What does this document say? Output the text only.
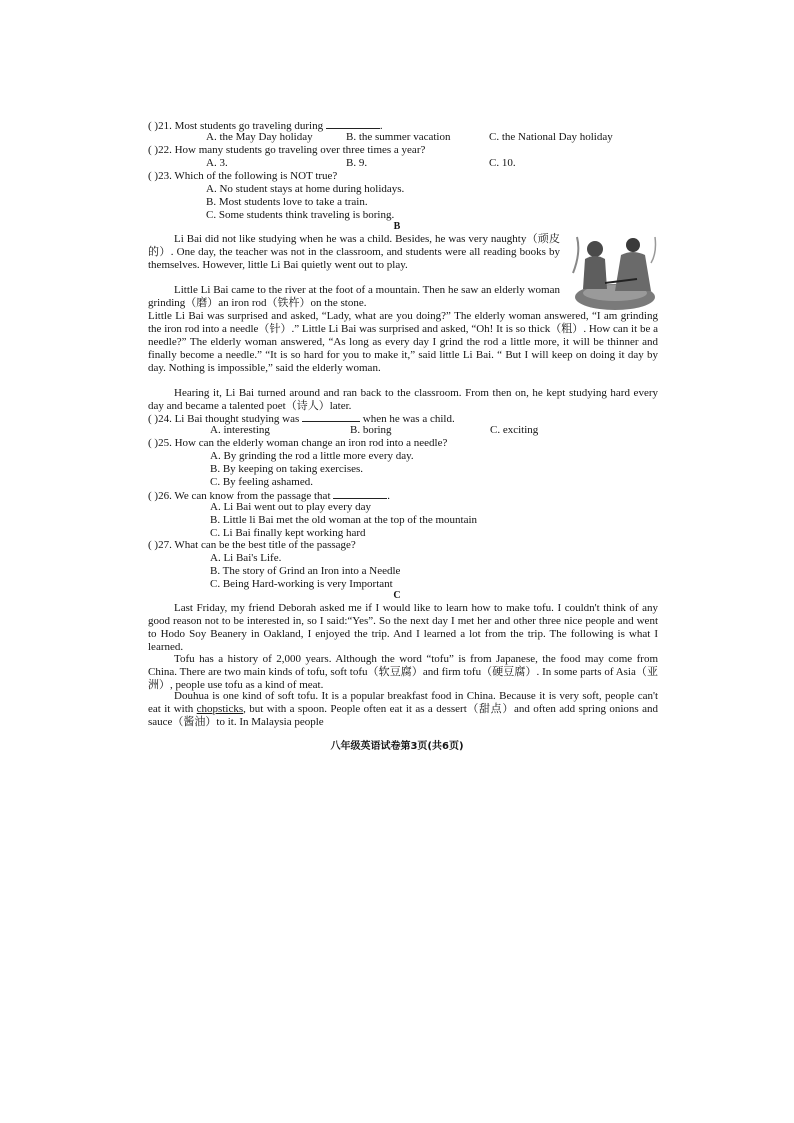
( )21. Most students go traveling during	.
A. the May Day holiday	B. the summer vacation	C. the National Day holiday
( )22. How many students go traveling over three times a year?
A. 3.	B. 9.	C. 10.
( )23. Which of the following is NOT true?
A. No student stays at home during holidays.
B. Most students love to take a train.
C. Some students think traveling is boring.
B

Li Bai did not like studying when he was a child. Besides, he was very naughty（顽皮的）. One day, the teacher was not in the classroom, and students were all reading books by themselves. However, little Li Bai quietly went out to play.

Little Li Bai came to the river at the foot of a mountain. Then he saw an elderly woman grinding（磨）an iron rod（铁杵）on the stone.

Little Li Bai was surprised and asked, “Lady, what are you doing?” The elderly woman answered, “I am grinding the iron rod into a needle（针）.” Little Li Bai was surprised and asked, “Oh! It is so thick（粗）. How can it be a needle?” The elderly woman answered, “As long as every day I grind the rod a little more, it will be thinner and finally become a needle.” “It is so hard for you to make it,” said little Li Bai. “ But I will keep on doing it day by day. Nothing is impossible,” said the elderly woman.

Hearing it, Li Bai turned around and ran back to the classroom. From then on, he kept studying hard every day and became a talented poet（诗人）later.

( )24. Li Bai thought studying was	when he was a child.
A. interesting	B. boring	C. exciting
( )25. How can the elderly woman change an iron rod into a needle?
A. By grinding the rod a little more every day.
B. By keeping on taking exercises.
C. By feeling ashamed.
( )26. We can know from the passage that	.
A. Li Bai went out to play every day
B. Little li Bai met the old woman at the top of the mountain
C. Li Bai finally kept working hard
( )27. What can be the best title of the passage?
A. Li Bai's Life.
B. The story of Grind an Iron into a Needle
C. Being Hard-working is very Important
C

Last Friday, my friend Deborah asked me if I would like to learn how to make tofu. I couldn't think of any good reason not to be interested in, so I said:“Yes”. So the next day I met her and other three nice people and went to Hodo Soy Beanery in Oakland, I enjoyed the trip. And I learned a lot from the trip. The following is what I learned.

Tofu has a history of 2,000 years. Although the word “tofu” is from Japanese, the food may come from China. There are two main kinds of tofu, soft tofu（软豆腐）and firm tofu（硬豆腐）. In some parts of Asia（亚洲）, people use tofu as a kind of meat.

Douhua is one kind of soft tofu. It is a popular breakfast food in China. Because it is very soft, people can't eat it with chopsticks, but with a spoon. People often eat it as a dessert（甜点）and often add spring onions and sauce（酱油）to it. In Malaysia people

八年级英语试卷第3页(共6页)
